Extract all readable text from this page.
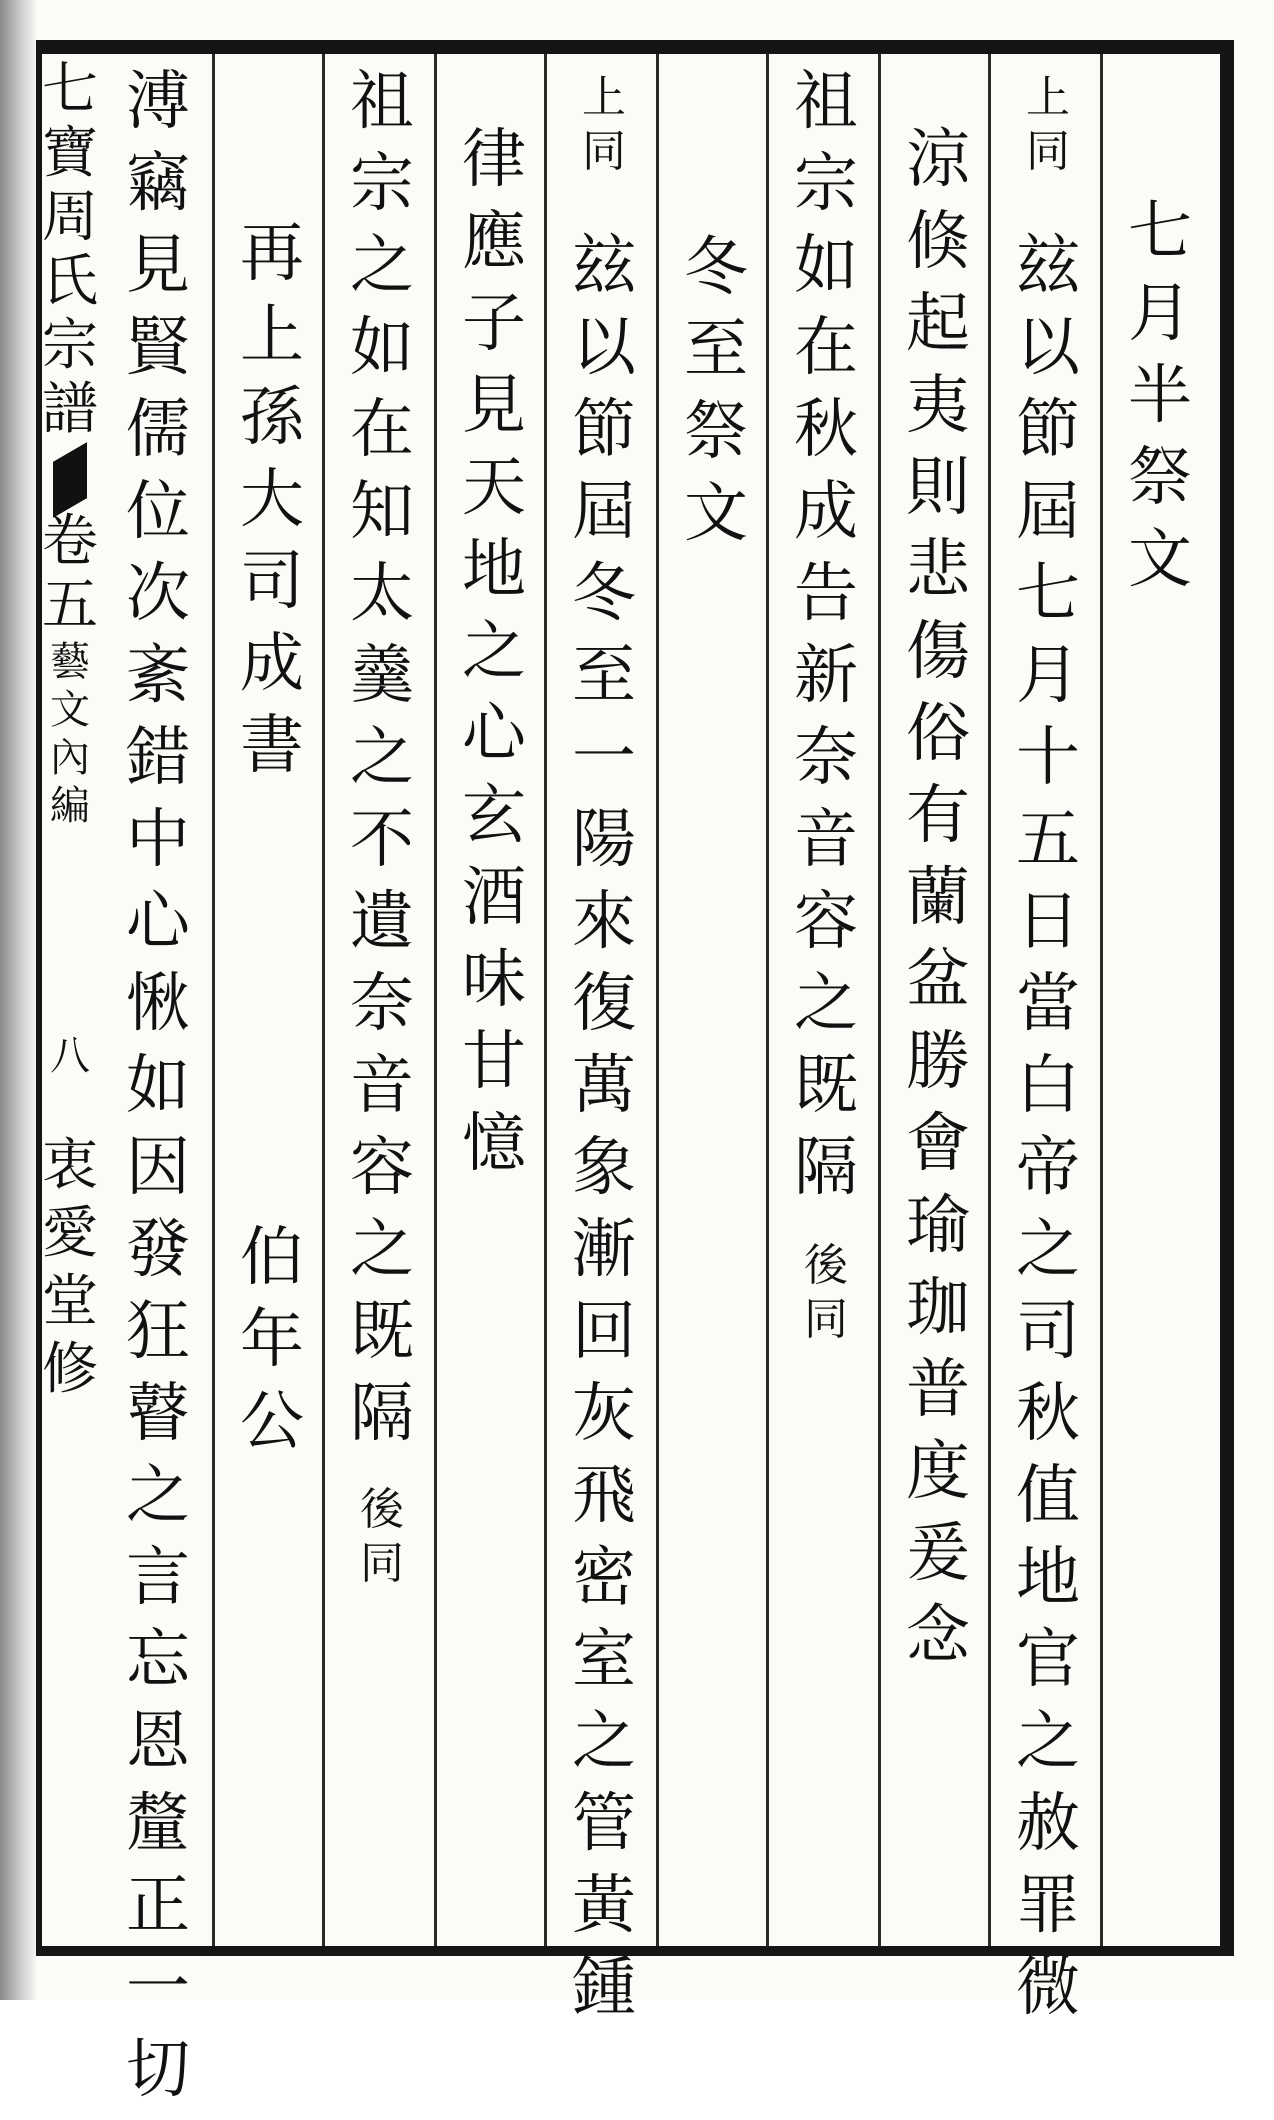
七
寶
周
氏
宗
譜
卷
五
藝
文
內
編
八
衷
愛
堂
修
七
月
半
祭
文
上
同
玆
以
節
屆
七
月
十
五
日
當
白
帝
之
司
秋
值
地
官
之
赦
罪
微
涼
倏
起
夷
則
悲
傷
俗
有
蘭
盆
勝
會
瑜
珈
普
度
爰
念
祖
宗
如
在
秋
成
告
新
奈
音
容
之
既
隔
後
同
冬
至
祭
文
上
同
玆
以
節
屆
冬
至
一
陽
來
復
萬
象
漸
回
灰
飛
密
室
之
管
黃
鍾
律
應
子
見
天
地
之
心
玄
酒
味
甘
憶
祖
宗
之
如
在
知
太
羹
之
不
遺
奈
音
容
之
既
隔
後
同
再
上
孫
大
司
成
書
伯
年
公
溥
竊
見
賢
儒
位
次
紊
錯
中
心
愀
如
因
發
狂
瞽
之
言
忘
恩
釐
正
一
切
